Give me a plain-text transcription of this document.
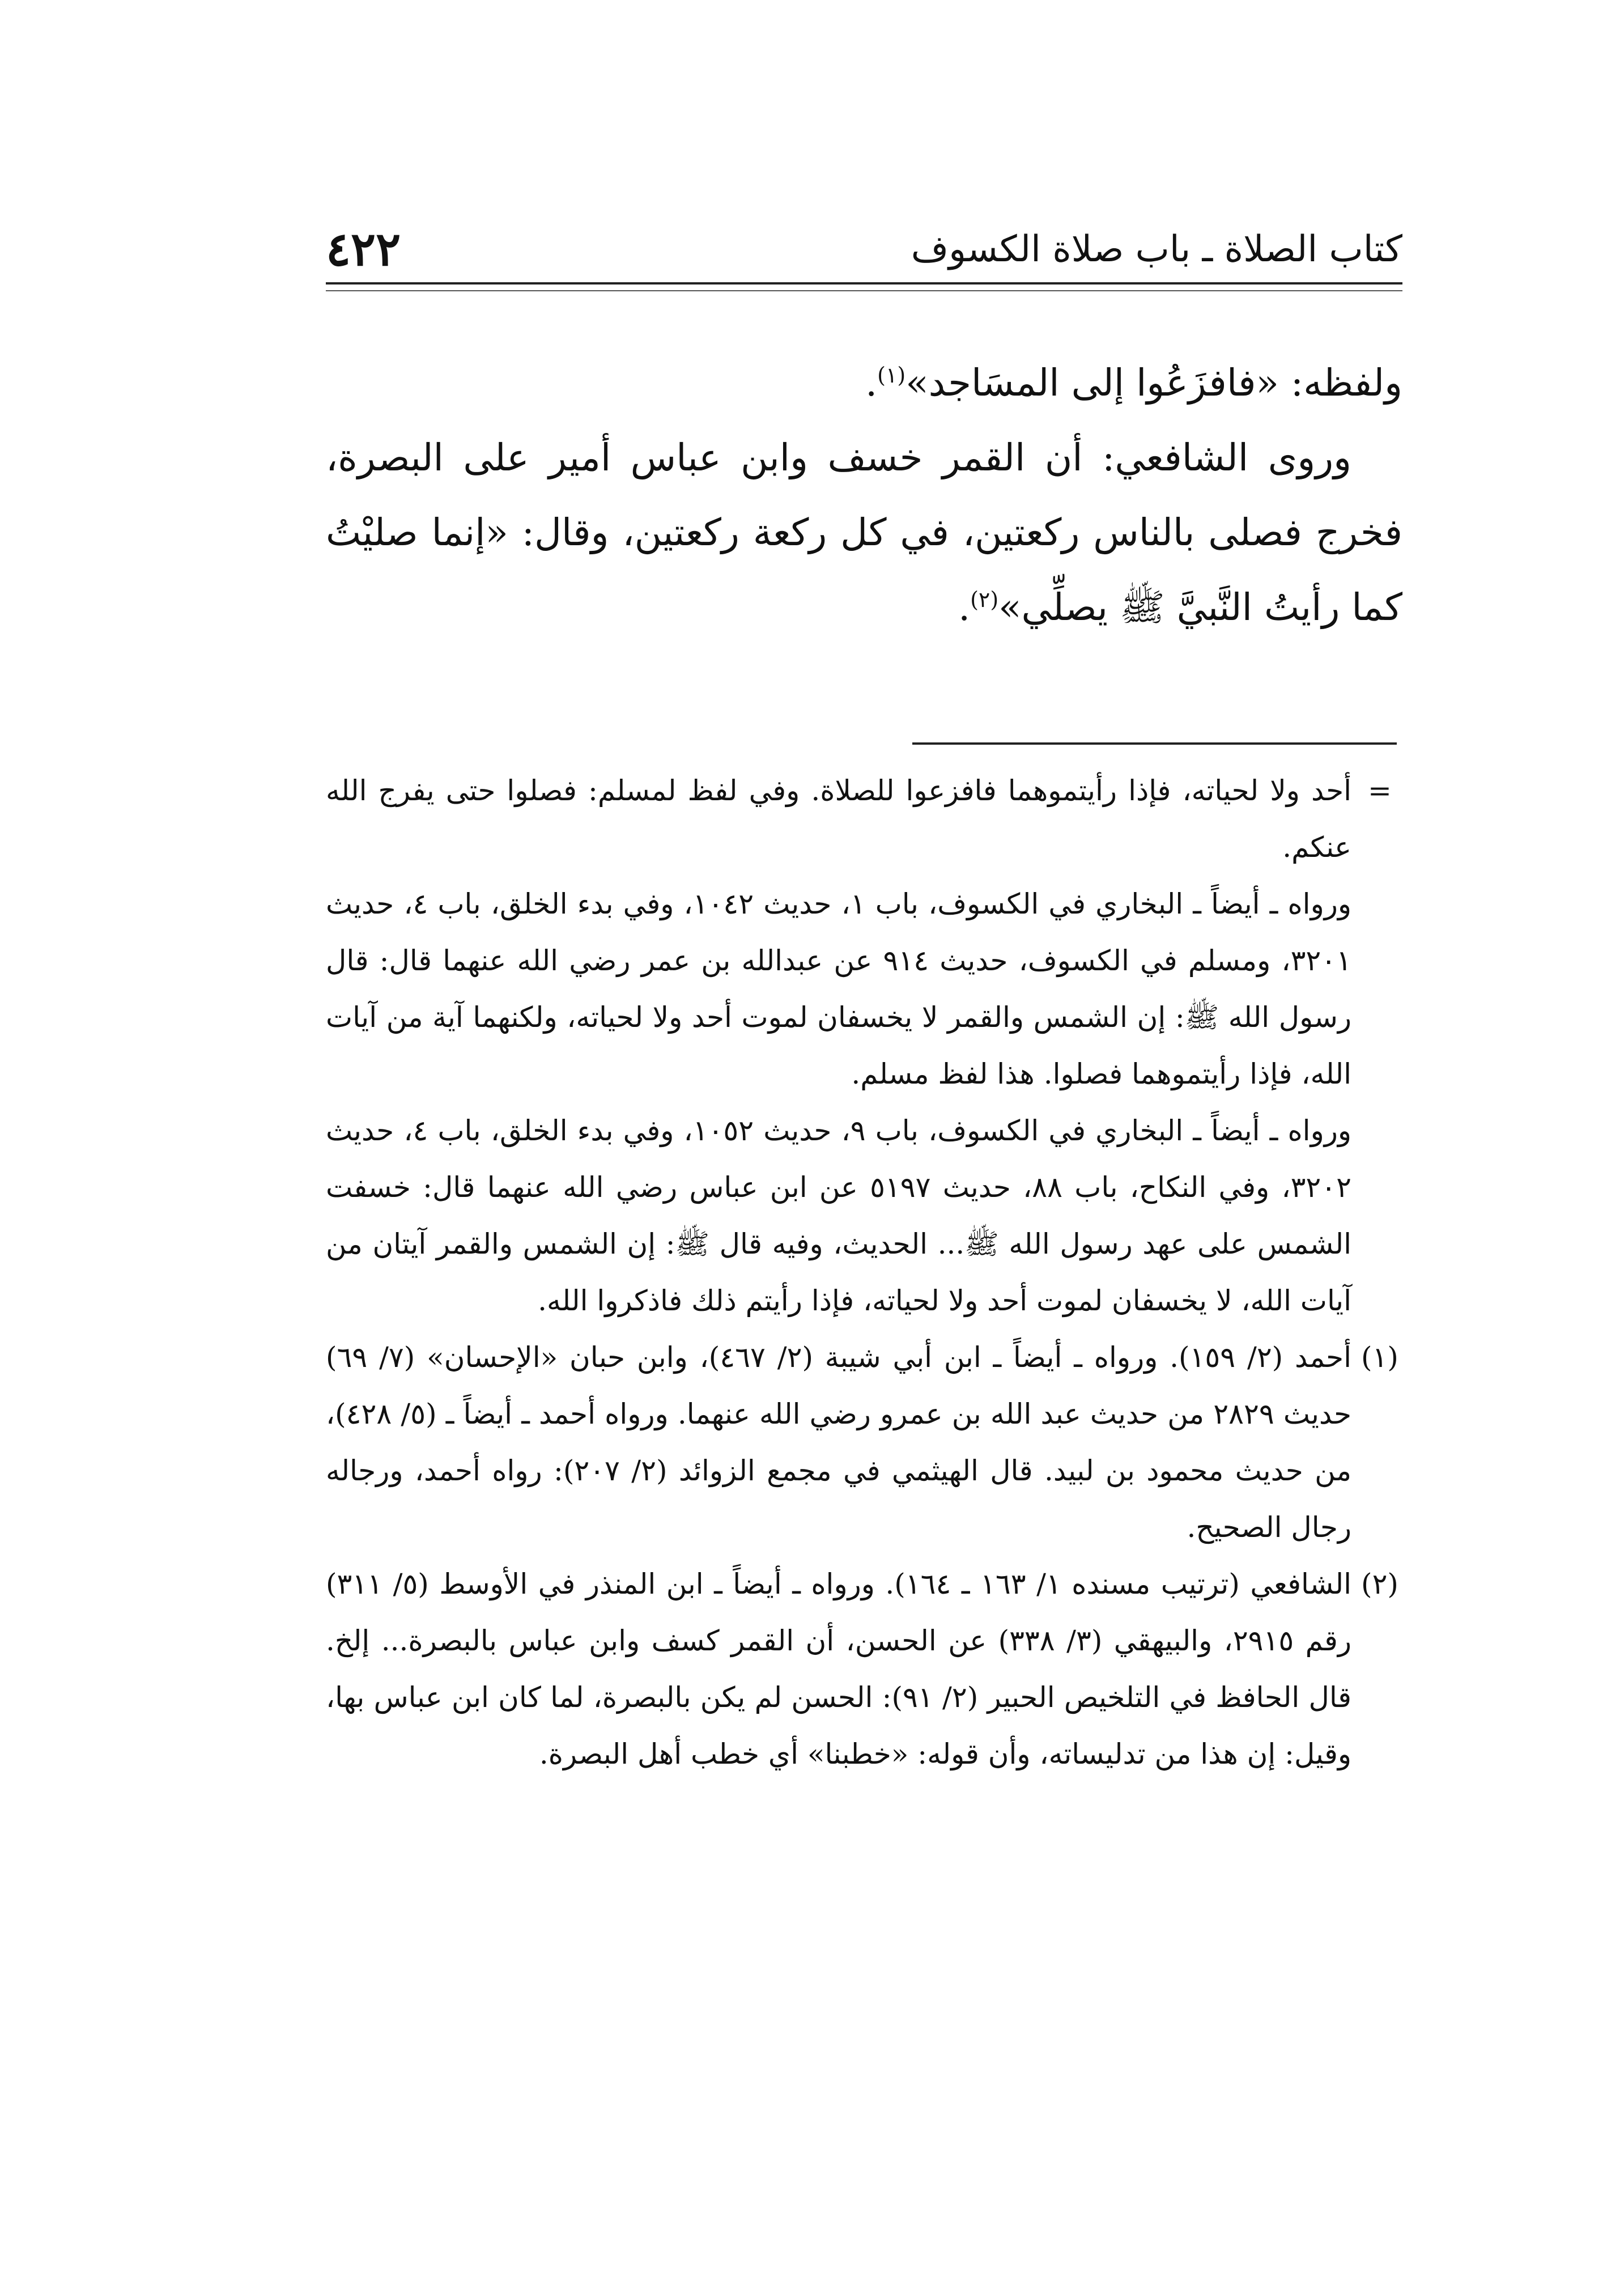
٤٢٢	كتاب الصلاة ـ باب صلاة الكسوف

ولفظه: «فافزَعُوا إلى المسَاجد»$^{(١)}$.

وروى الشافعي: أن القمر خسف وابن عباس أمير على البصرة، فخرج فصلى بالناس ركعتين، في كل ركعة ركعتين، وقال: «إنما صليْتُ كما رأيتُ النَّبيَّ ﷺ يصلِّي»$^{(٢)}$.

=

أحد ولا لحياته، فإذا رأيتموهما فافزعوا للصلاة. وفي لفظ لمسلم: فصلوا حتى يفرج الله عنكم.

ورواه ـ أيضاً ـ البخاري في الكسوف، باب ١، حديث ١٠٤٢، وفي بدء الخلق، باب ٤، حديث ٣٢٠١، ومسلم في الكسوف، حديث ٩١٤ عن عبدالله بن عمر رضي الله عنهما قال: قال رسول الله ﷺ: إن الشمس والقمر لا يخسفان لموت أحد ولا لحياته، ولكنهما آية من آيات الله، فإذا رأيتموهما فصلوا. هذا لفظ مسلم.

ورواه ـ أيضاً ـ البخاري في الكسوف، باب ٩، حديث ١٠٥٢، وفي بدء الخلق، باب ٤، حديث ٣٢٠٢، وفي النكاح، باب ٨٨، حديث ٥١٩٧ عن ابن عباس رضي الله عنهما قال: خسفت الشمس على عهد رسول الله ﷺ... الحديث، وفيه قال ﷺ: إن الشمس والقمر آيتان من آيات الله، لا يخسفان لموت أحد ولا لحياته، فإذا رأيتم ذلك فاذكروا الله.

(١)

أحمد (٢/ ١٥٩). ورواه ـ أيضاً ـ ابن أبي شيبة (٢/ ٤٦٧)، وابن حبان «الإحسان» (٧/ ٦٩) حديث ٢٨٢٩ من حديث عبد الله بن عمرو رضي الله عنهما. ورواه أحمد ـ أيضاً ـ (٥/ ٤٢٨)، من حديث محمود بن لبيد. قال الهيثمي في مجمع الزوائد (٢/ ٢٠٧): رواه أحمد، ورجاله رجال الصحيح.

(٢)

الشافعي (ترتيب مسنده ١/ ١٦٣ ـ ١٦٤). ورواه ـ أيضاً ـ ابن المنذر في الأوسط (٥/ ٣١١) رقم ٢٩١٥، والبيهقي (٣/ ٣٣٨) عن الحسن، أن القمر كسف وابن عباس بالبصرة... إلخ. قال الحافظ في التلخيص الحبير (٢/ ٩١): الحسن لم يكن بالبصرة، لما كان ابن عباس بها، وقيل: إن هذا من تدليساته، وأن قوله: «خطبنا» أي خطب أهل البصرة.
